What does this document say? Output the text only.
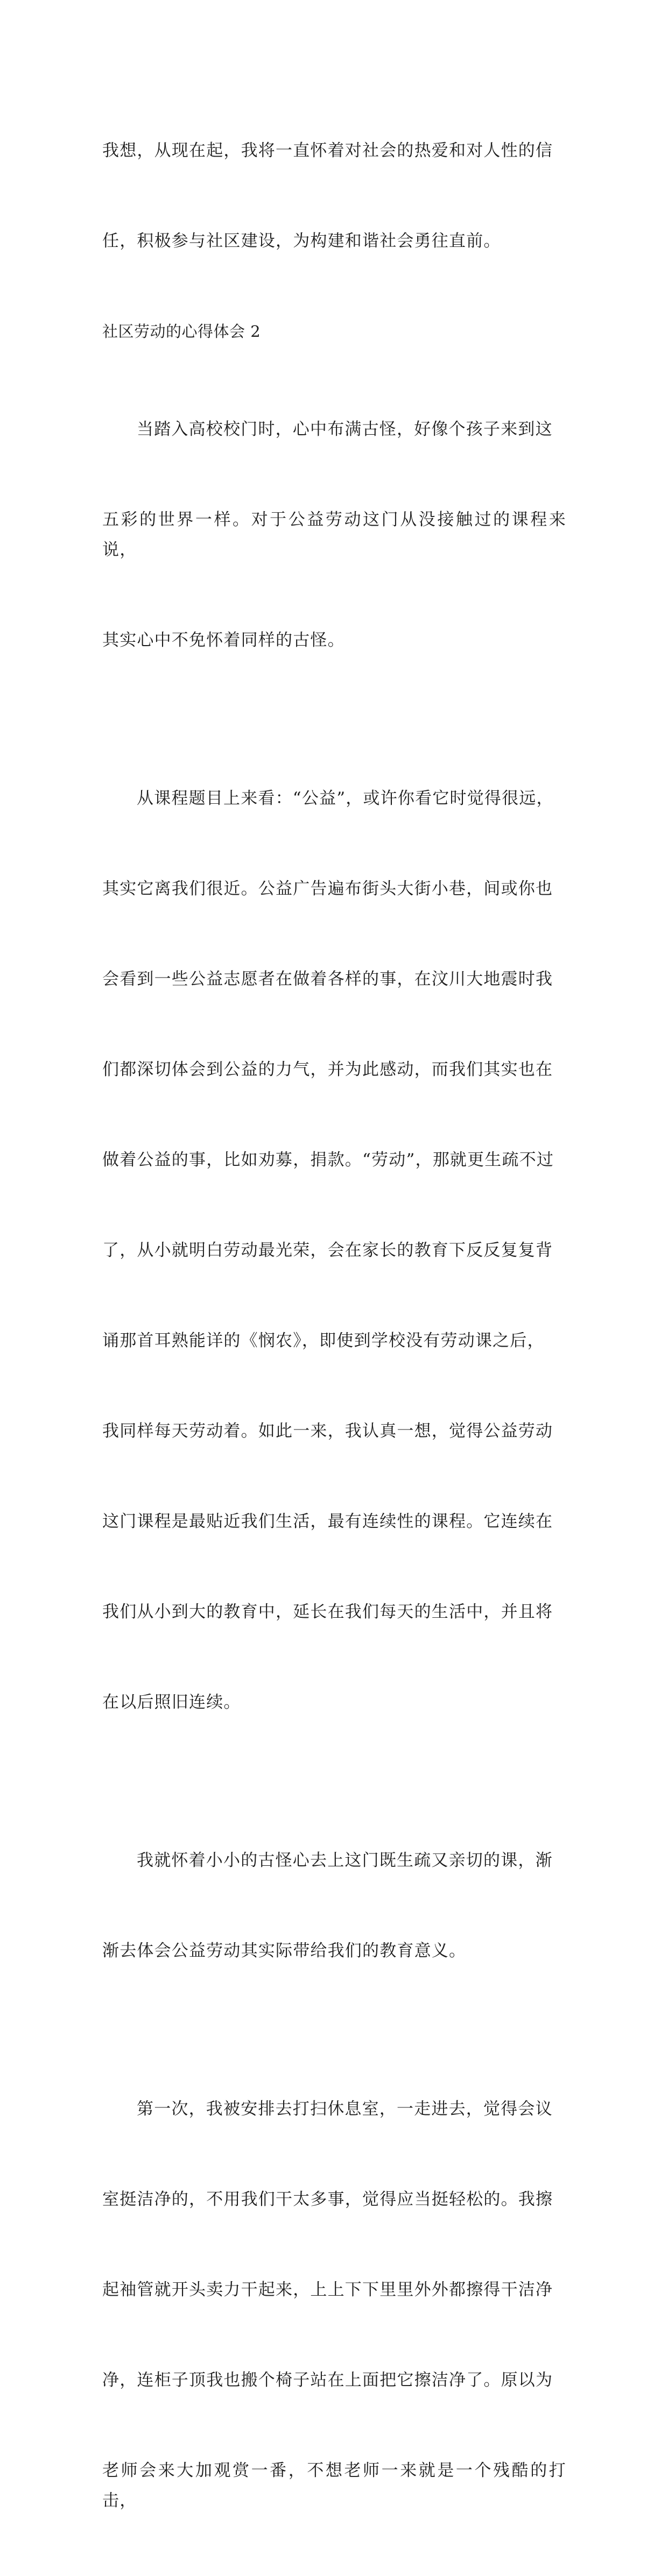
我想，从现在起，我将一直怀着对社会的热爱和对人性的信

任，积极参与社区建设，为构建和谐社会勇往直前。

社区劳动的心得体会 2

当踏入高校校门时，心中布满古怪，好像个孩子来到这

五彩的世界一样。对于公益劳动这门从没接触过的课程来说，

其实心中不免怀着同样的古怪。

从课程题目上来看：“公益”，或许你看它时觉得很远，

其实它离我们很近。公益广告遍布街头大街小巷，间或你也

会看到一些公益志愿者在做着各样的事，在汶川大地震时我

们都深切体会到公益的力气，并为此感动，而我们其实也在

做着公益的事，比如劝募，捐款。“劳动”，那就更生疏不过

了，从小就明白劳动最光荣，会在家长的教育下反反复复背

诵那首耳熟能详的《悯农》，即使到学校没有劳动课之后，

我同样每天劳动着。如此一来，我认真一想，觉得公益劳动

这门课程是最贴近我们生活，最有连续性的课程。它连续在

我们从小到大的教育中，延长在我们每天的生活中，并且将

在以后照旧连续。

我就怀着小小的古怪心去上这门既生疏又亲切的课，渐

渐去体会公益劳动其实际带给我们的教育意义。

第一次，我被安排去打扫休息室，一走进去，觉得会议

室挺洁净的，不用我们干太多事，觉得应当挺轻松的。我擦

起袖管就开头卖力干起来，上上下下里里外外都擦得干洁净

净，连柜子顶我也搬个椅子站在上面把它擦洁净了。原以为

老师会来大加观赏一番，不想老师一来就是一个残酷的打击，
